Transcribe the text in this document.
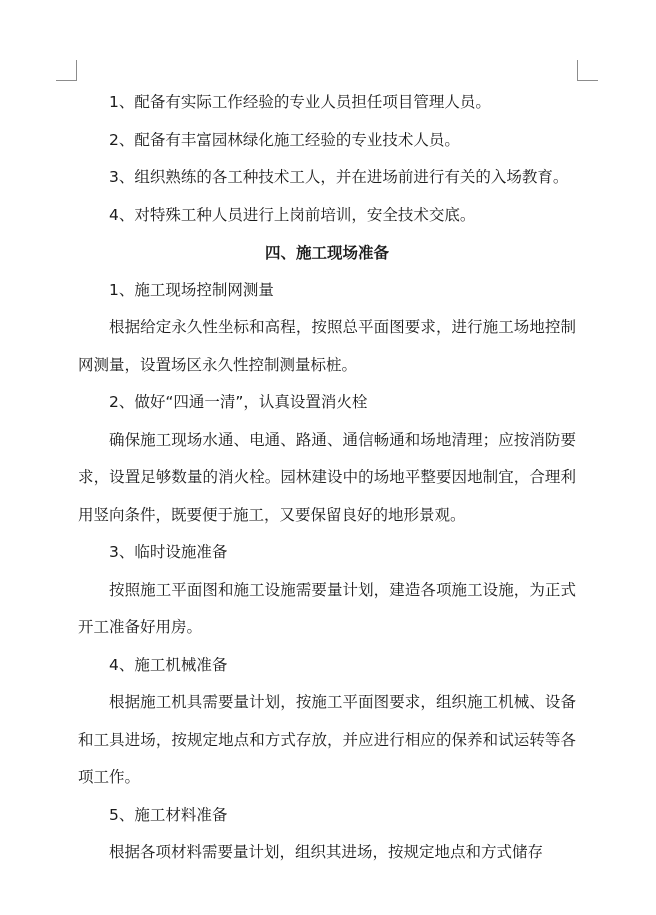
1、配备有实际工作经验的专业人员担任项目管理人员。

2、配备有丰富园林绿化施工经验的专业技术人员。

3、组织熟练的各工种技术工人，并在进场前进行有关的入场教育。

4、对特殊工种人员进行上岗前培训，安全技术交底。

四、施工现场准备

1、施工现场控制网测量

根据给定永久性坐标和高程，按照总平面图要求，进行施工场地控制网测量，设置场区永久性控制测量标桩。

2、做好“四通一清”，认真设置消火栓

确保施工现场水通、电通、路通、通信畅通和场地清理；应按消防要求，设置足够数量的消火栓。园林建设中的场地平整要因地制宜，合理利用竖向条件，既要便于施工，又要保留良好的地形景观。

3、临时设施准备

按照施工平面图和施工设施需要量计划，建造各项施工设施，为正式开工准备好用房。

4、施工机械准备

根据施工机具需要量计划，按施工平面图要求，组织施工机械、设备和工具进场，按规定地点和方式存放，并应进行相应的保养和试运转等各项工作。

5、施工材料准备

根据各项材料需要量计划，组织其进场，按规定地点和方式储存
